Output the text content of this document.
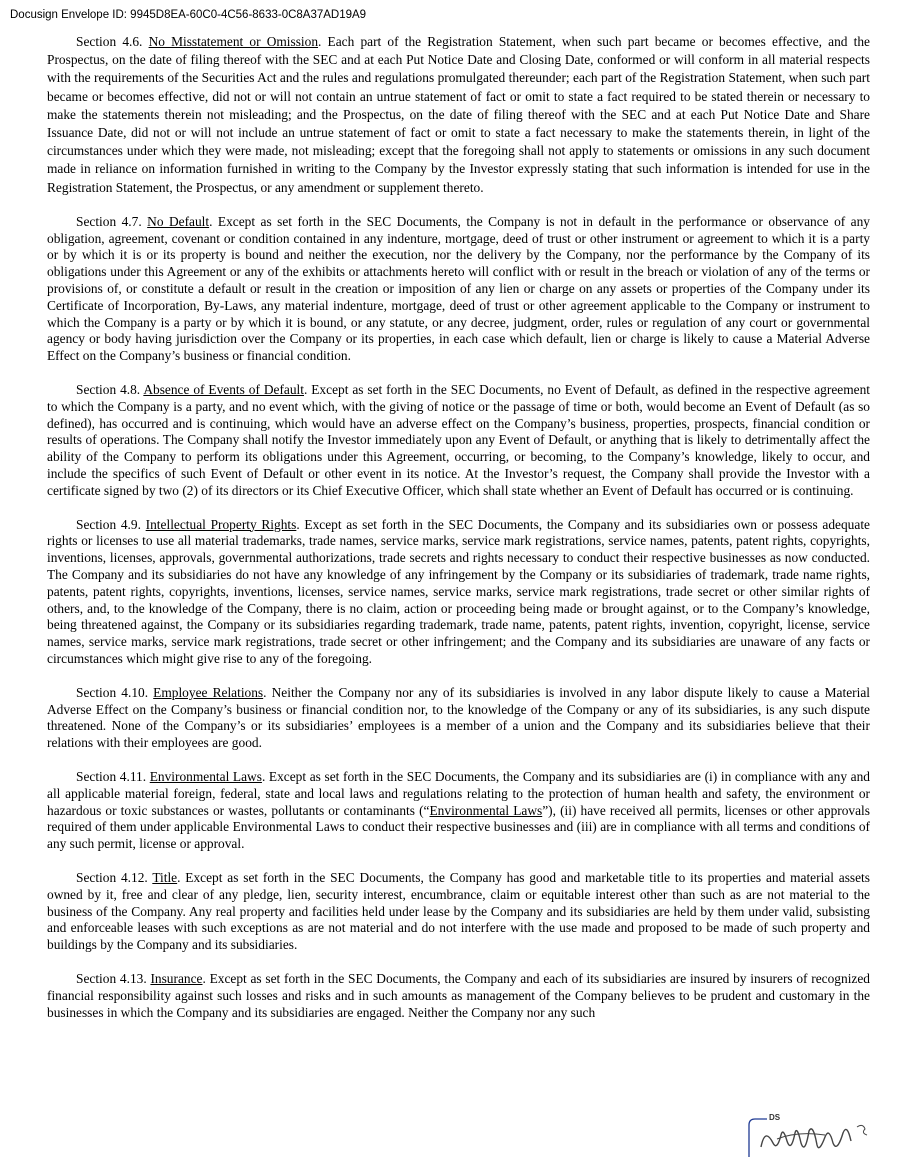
Docusign Envelope ID: 9945D8EA-60C0-4C56-8633-0C8A37AD19A9

Section 4.6. No Misstatement or Omission. Each part of the Registration Statement, when such part became or becomes effective, and the Prospectus, on the date of filing thereof with the SEC and at each Put Notice Date and Closing Date, conformed or will conform in all material respects with the requirements of the Securities Act and the rules and regulations promulgated thereunder; each part of the Registration Statement, when such part became or becomes effective, did not or will not contain an untrue statement of fact or omit to state a fact required to be stated therein or necessary to make the statements therein not misleading; and the Prospectus, on the date of filing thereof with the SEC and at each Put Notice Date and Share Issuance Date, did not or will not include an untrue statement of fact or omit to state a fact necessary to make the statements therein, in light of the circumstances under which they were made, not misleading; except that the foregoing shall not apply to statements or omissions in any such document made in reliance on information furnished in writing to the Company by the Investor expressly stating that such information is intended for use in the Registration Statement, the Prospectus, or any amendment or supplement thereto.

Section 4.7. No Default. Except as set forth in the SEC Documents, the Company is not in default in the performance or observance of any obligation, agreement, covenant or condition contained in any indenture, mortgage, deed of trust or other instrument or agreement to which it is a party or by which it is or its property is bound and neither the execution, nor the delivery by the Company, nor the performance by the Company of its obligations under this Agreement or any of the exhibits or attachments hereto will conflict with or result in the breach or violation of any of the terms or provisions of, or constitute a default or result in the creation or imposition of any lien or charge on any assets or properties of the Company under its Certificate of Incorporation, By-Laws, any material indenture, mortgage, deed of trust or other agreement applicable to the Company or instrument to which the Company is a party or by which it is bound, or any statute, or any decree, judgment, order, rules or regulation of any court or governmental agency or body having jurisdiction over the Company or its properties, in each case which default, lien or charge is likely to cause a Material Adverse Effect on the Company’s business or financial condition.

Section 4.8. Absence of Events of Default. Except as set forth in the SEC Documents, no Event of Default, as defined in the respective agreement to which the Company is a party, and no event which, with the giving of notice or the passage of time or both, would become an Event of Default (as so defined), has occurred and is continuing, which would have an adverse effect on the Company’s business, properties, prospects, financial condition or results of operations. The Company shall notify the Investor immediately upon any Event of Default, or anything that is likely to detrimentally affect the ability of the Company to perform its obligations under this Agreement, occurring, or becoming, to the Company’s knowledge, likely to occur, and include the specifics of such Event of Default or other event in its notice. At the Investor’s request, the Company shall provide the Investor with a certificate signed by two (2) of its directors or its Chief Executive Officer, which shall state whether an Event of Default has occurred or is continuing.

Section 4.9. Intellectual Property Rights. Except as set forth in the SEC Documents, the Company and its subsidiaries own or possess adequate rights or licenses to use all material trademarks, trade names, service marks, service mark registrations, service names, patents, patent rights, copyrights, inventions, licenses, approvals, governmental authorizations, trade secrets and rights necessary to conduct their respective businesses as now conducted. The Company and its subsidiaries do not have any knowledge of any infringement by the Company or its subsidiaries of trademark, trade name rights, patents, patent rights, copyrights, inventions, licenses, service names, service marks, service mark registrations, trade secret or other similar rights of others, and, to the knowledge of the Company, there is no claim, action or proceeding being made or brought against, or to the Company’s knowledge, being threatened against, the Company or its subsidiaries regarding trademark, trade name, patents, patent rights, invention, copyright, license, service names, service marks, service mark registrations, trade secret or other infringement; and the Company and its subsidiaries are unaware of any facts or circumstances which might give rise to any of the foregoing.

Section 4.10. Employee Relations. Neither the Company nor any of its subsidiaries is involved in any labor dispute likely to cause a Material Adverse Effect on the Company’s business or financial condition nor, to the knowledge of the Company or any of its subsidiaries, is any such dispute threatened. None of the Company’s or its subsidiaries’ employees is a member of a union and the Company and its subsidiaries believe that their relations with their employees are good.

Section 4.11. Environmental Laws. Except as set forth in the SEC Documents, the Company and its subsidiaries are (i) in compliance with any and all applicable material foreign, federal, state and local laws and regulations relating to the protection of human health and safety, the environment or hazardous or toxic substances or wastes, pollutants or contaminants (“Environmental Laws”), (ii) have received all permits, licenses or other approvals required of them under applicable Environmental Laws to conduct their respective businesses and (iii) are in compliance with all terms and conditions of any such permit, license or approval.

Section 4.12. Title. Except as set forth in the SEC Documents, the Company has good and marketable title to its properties and material assets owned by it, free and clear of any pledge, lien, security interest, encumbrance, claim or equitable interest other than such as are not material to the business of the Company. Any real property and facilities held under lease by the Company and its subsidiaries are held by them under valid, subsisting and enforceable leases with such exceptions as are not material and do not interfere with the use made and proposed to be made of such property and buildings by the Company and its subsidiaries.

Section 4.13. Insurance. Except as set forth in the SEC Documents, the Company and each of its subsidiaries are insured by insurers of recognized financial responsibility against such losses and risks and in such amounts as management of the Company believes to be prudent and customary in the businesses in which the Company and its subsidiaries are engaged. Neither the Company nor any such

DS
